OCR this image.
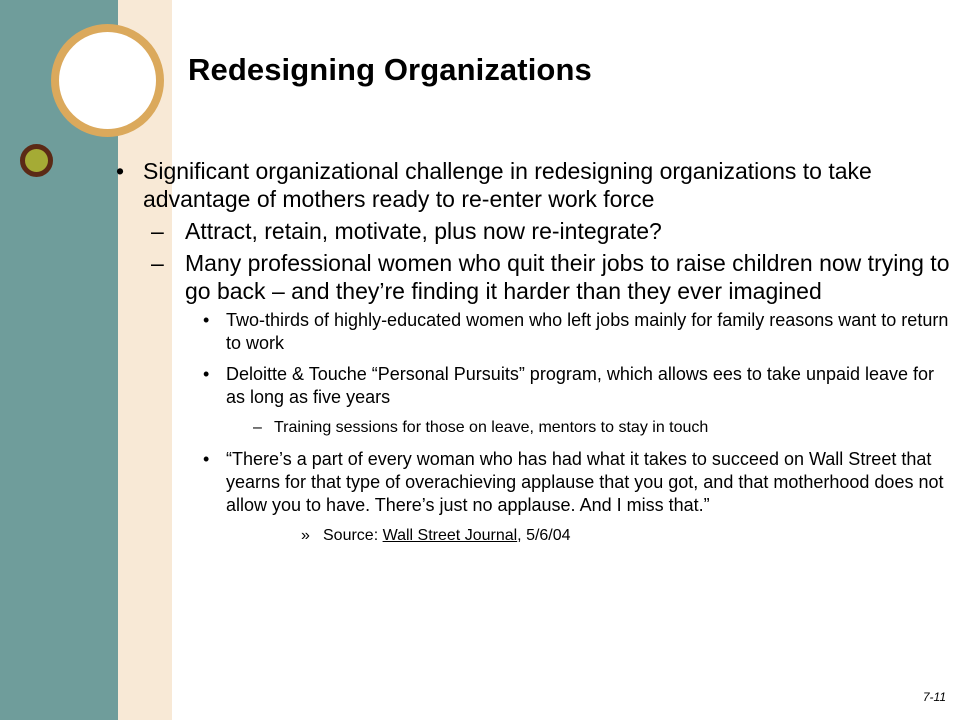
Redesigning Organizations

• Significant organizational challenge in redesigning organizations to take advantage of mothers ready to re-enter work force

– Attract, retain, motivate, plus now re-integrate?

– Many professional women who quit their jobs to raise children now trying to go back – and they’re finding it harder than they ever imagined

• Two-thirds of highly-educated women who left jobs mainly for family reasons want to return to work

• Deloitte & Touche “Personal Pursuits” program, which allows ees to take unpaid leave for as long as five years

– Training sessions for those on leave, mentors to stay in touch

• “There’s a part of every woman who has had what it takes to succeed on Wall Street that yearns for that type of overachieving applause that you got, and that motherhood does not allow you to have. There’s just no applause. And I miss that.”

» Source: Wall Street Journal, 5/6/04

7-11
